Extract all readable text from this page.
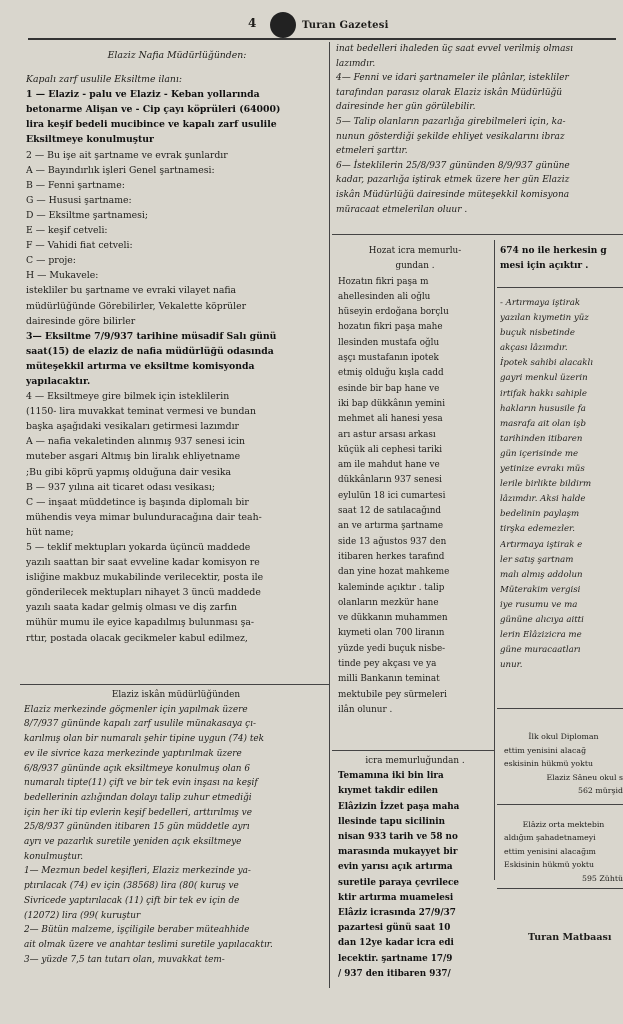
4	Turan Gazetesi

Elaziz Nafia Müdürlüğünden:

Kapalı zarf usulile Eksiltme ilanı:

1 — Elaziz - palu ve Elaziz - Keban yollarında

betonarme Alişan ve - Cip çayı köprüleri (64000)

lira keşif bedeli mucibince ve kapalı zarf usulile

Eksiltmeye konulmuştur

2 — Bu işe ait şartname ve evrak şunlardır

A — Bayındırlık işleri Genel şartnamesi:

B — Fenni şartname:

G — Hususi şartname:

D — Eksiltme şartnamesi;

E — keşif cetveli:

F — Vahidi fiat cetveli:

C — proje:

H — Mukavele:

istekliler bu şartname ve evraki vilayet nafia

müdürlüğünde Görebilirler, Vekalette köprüler

dairesinde göre bilirler

3— Eksiltme 7/9/937 tarihine müsadif Salı günü

saat(15) de elaziz de nafia müdürlüğü odasında

müteşekkil artırma ve eksiltme komisyonda

yapılacaktır.

4 — Eksiltmeye gire bilmek için isteklilerin

(1150- lira muvakkat teminat vermesi ve bundan

başka aşağıdaki vesikaları getirmesi lazımdır

A — nafia vekaletinden alınmış 937 senesi icin

muteber asgari Altmış bin liralık ehliyetname

;Bu gibi köprü yapmış olduğuna dair vesika

B — 937 yılına ait ticaret odası vesikası;

C — inşaat müddetince iş başında diplomalı bir

mühendis veya mimar bulunduracağına dair teah-

hüt name;

5 — teklif mektupları yokarda üçüncü maddede

yazılı saattan bir saat evveline kadar komisyon re

isliğine makbuz mukabilinde verilecektir, posta ile

gönderilecek mektupları nihayet 3 üncü maddede

yazılı saata kadar gelmiş olması ve diş zarfın

mühür mumu ile eyice kapadılmış bulunması şa-

rttır, postada olacak gecikmeler kabul edilmez,

Elaziz iskân müdürlüğünden

Elaziz merkezinde göçmenler için yapılmak üzere

8/7/937 gününde kapalı zarf usulile münakasaya çı-

karılmış olan bir numaralı şehir tipine uygun (74) tek

ev ile sivrice kaza merkezinde yaptırılmak üzere

6/8/937 gününde açık eksiltmeye konulmuş olan 6

numaralı tipte(11) çift ve bir tek evin inşası na keşif

bedellerinin azlığından dolayı talip zuhur etmediği

için her iki tip evlerin keşif bedelleri, arttırılmış ve

25/8/937 gününden itibaren 15 gün müddetle ayrı

ayrı ve pazarlık suretile yeniden açık eksiltmeye

konulmuştur.

1— Mezmun bedel keşifleri, Elaziz merkezinde ya-

ptırılacak (74) ev için (38568) lira (80( kuruş ve

Sivricede yaptırılacak (11) çift bir tek ev için de

(12072) lira (99( kuruştur

2— Bütün malzeme, işçiligile beraber müteahhide

ait olmak üzere ve anahtar teslimi suretile yapılacaktır.

3— yüzde 7,5 tan tutarı olan, muvakkat tem-

inat bedelleri ihaleden üç saat evvel verilmiş olması

lazımdır.

4— Fenni ve idari şartnameler ile plânlar, istekliler

tarafından parasız olarak Elaziz iskân Müdürlüğü

dairesinde her gün görülebilir.

5— Talip olanların pazarlığa girebilmeleri için, ka-

nunun gösterdiği şekilde ehliyet vesikalarını ibraz

etmeleri şarttır.

6— İsteklilerin 25/8/937 gününden 8/9/937 gününe

kadar, pazarlığa iştirak etmek üzere her gün Elaziz

iskân Müdürlüğü dairesinde müteşekkil komisyona

müracaat etmelerilan oluur .

Hozat icra memurlu-

gundan .

Hozatın fikri paşa m

ahellesinden ali oğlu

hüseyin erdoğana borçlu

hozatın fikri paşa mahe

llesinden mustafa oğlu

aşçı mustafanın ipotek

etmiş olduğu kışla cadd

esinde bir bap hane ve

iki bap dükkânın yemini

mehmet ali hanesi yesa

arı astur arsası arkası

küçük ali cephesi tariki

am ile mahdut hane ve

dükkânların 937 senesi

eylulün 18 ici cumartesi

saat 12 de satılacağınd

an ve artırma şartname

side 13 ağustos 937 den

itibaren herkes tarafınd

dan yine hozat mahkeme

kaleminde açıktır . talip

olanların mezkür hane

ve dükkanın muhammen

kıymeti olan 700 liranın

yüzde yedi buçuk nisbe-

tinde pey akçası ve ya

milli Bankanın teminat

mektubile pey sürmeleri

ilân olunur .

icra memurluğundan .

Temamına iki bin lira

kıymet takdir edilen

Elâzizin İzzet paşa maha

llesinde tapu sicilinin

nisan 933 tarih ve 58 no

marasında mukayyet bir

evin yarısı açık artırma

suretile paraya çevrilece

ktir artırma muamelesi

Elâziz icrasında 27/9/37

pazartesi günü saat 10

dan 12ye kadar icra edi

lecektir. şartname 17/9

/ 937 den itibaren 937/

674 no ile herkesin g

mesi için açıktır .

- Artırmaya iştirak

yazılan kıymetin yüz

buçuk nisbetinde

akçası lâzımdır.

İpotek sahibi alacaklı

gayri menkul üzerin

irtifak hakkı sahiple

hakların hususile fa

masrafa ait olan işb

tarihinden itibaren

gün içerisinde me

yetinize evrakı müs

lerile birlikte bildirm

lâzımdır. Aksi halde

bedelinin paylaşm

tirşka edemezler.

Artırmaya iştirak e

ler satış şartnam

malı almış addolun

Müterakim vergisi

iye rusumu ve ma

gününe alıcıya aitti

lerin Elâzizicra me

güne muracaatları

unur.

İlk okul Diploman

ettim yenisini alacağ

eskisinin hükmü yoktu

Elaziz Sâneu okul s

562 mürşid

Elâziz orta mektebin

aldığım şahadetnameyi

ettim yenisini alacağım

Eskisinin hükmü yoktu

595 Zühtü

Turan Matbaası
